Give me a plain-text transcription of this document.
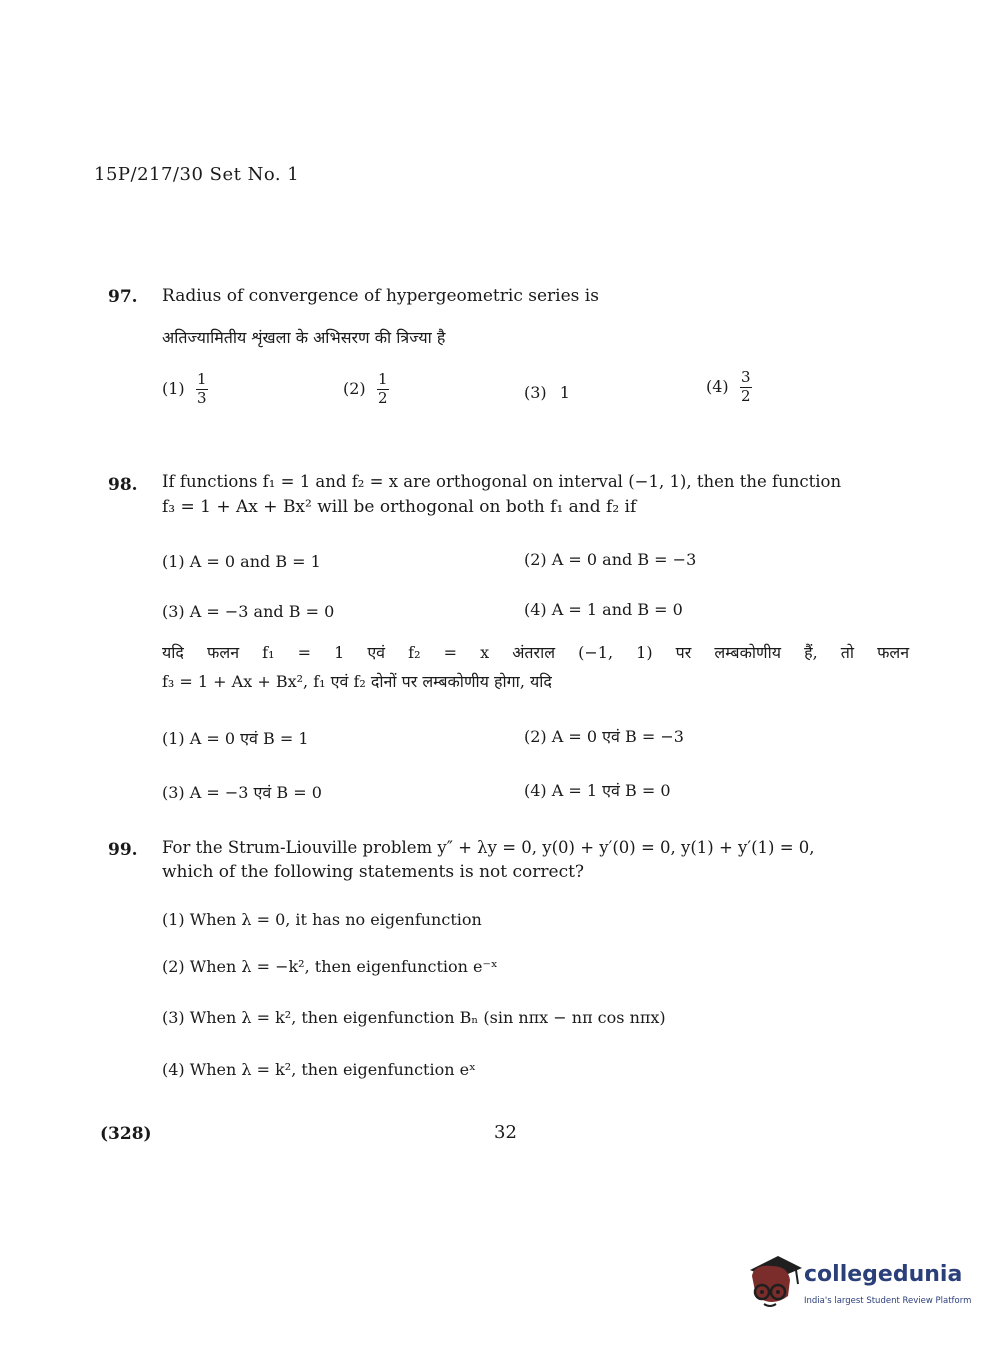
15P/217/30 Set No. 1
97. Radius of convergence of hypergeometric series is
अतिज्यामितीय शृंखला के अभिसरण की त्रिज्या है
$(1) \frac{1}{3}$	$(2) \frac{1}{2}$	(3) 1	$(4) \frac{3}{2}$
98. If functions f₁ = 1 and f₂ = x are orthogonal on interval (−1, 1), then the function
f₃ = 1 + Ax + Bx² will be orthogonal on both f₁ and f₂ if
(1) A = 0 and B = 1	(2) A = 0 and B = −3
(3) A = −3 and B = 0	(4) A = 1 and B = 0
यदि फलन f₁ = 1 एवं f₂ = x अंतराल (−1, 1) पर लम्बकोणीय हैं, तो फलन
f₃ = 1 + Ax + Bx², f₁ एवं f₂ दोनों पर लम्बकोणीय होगा, यदि
(1) A = 0 एवं B = 1	(2) A = 0 एवं B = −3
(3) A = −3 एवं B = 0	(4) A = 1 एवं B = 0
99. For the Strum-Liouville problem y″ + λy = 0, y(0) + y′(0) = 0, y(1) + y′(1) = 0,
which of the following statements is not correct?
(1) When λ = 0, it has no eigenfunction
(2) When λ = −k², then eigenfunction e⁻ˣ
(3) When λ = k², then eigenfunction Bₙ (sin nπx − nπ cos nπx)
(4) When λ = k², then eigenfunction eˣ
(328)	32
collegedunia
India's largest Student Review Platform
